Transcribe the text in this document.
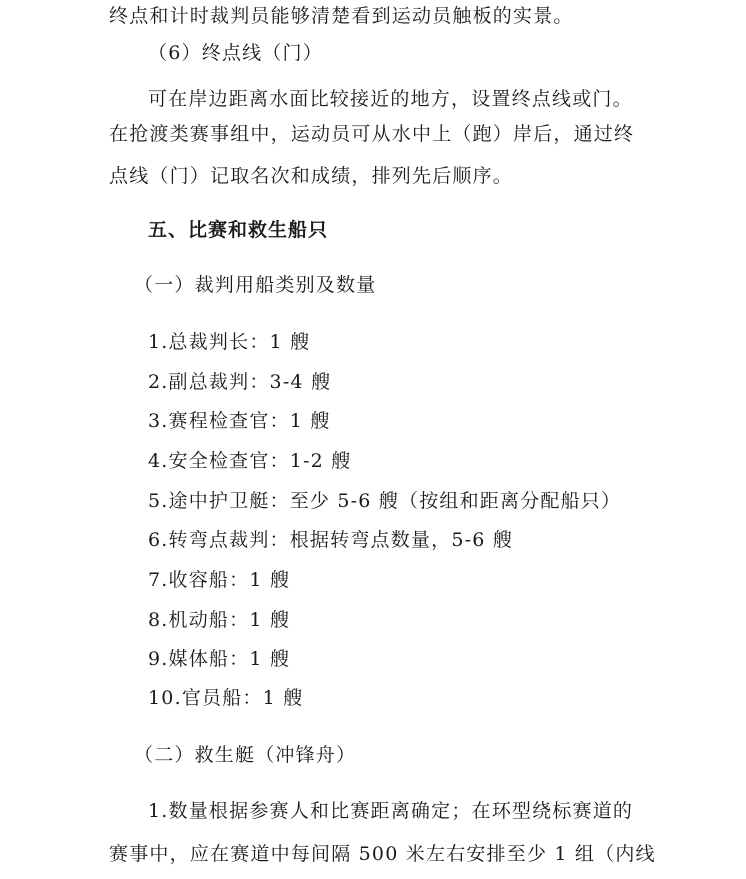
终点和计时裁判员能够清楚看到运动员触板的实景。
（6）终点线（门）
可在岸边距离水面比较接近的地方，设置终点线或门。
在抢渡类赛事组中，运动员可从水中上（跑）岸后，通过终
点线（门）记取名次和成绩，排列先后顺序。
五、比赛和救生船只
（一）裁判用船类别及数量
1.总裁判长：1 艘
2.副总裁判：3-4 艘
3.赛程检查官：1 艘
4.安全检查官：1-2 艘
5.途中护卫艇：至少 5-6 艘（按组和距离分配船只）
6.转弯点裁判：根据转弯点数量，5-6 艘
7.收容船：1 艘
8.机动船：1 艘
9.媒体船：1 艘
10.官员船：1 艘
（二）救生艇（冲锋舟）
1.数量根据参赛人和比赛距离确定；在环型绕标赛道的
赛事中，应在赛道中每间隔 500 米左右安排至少 1 组（内线
